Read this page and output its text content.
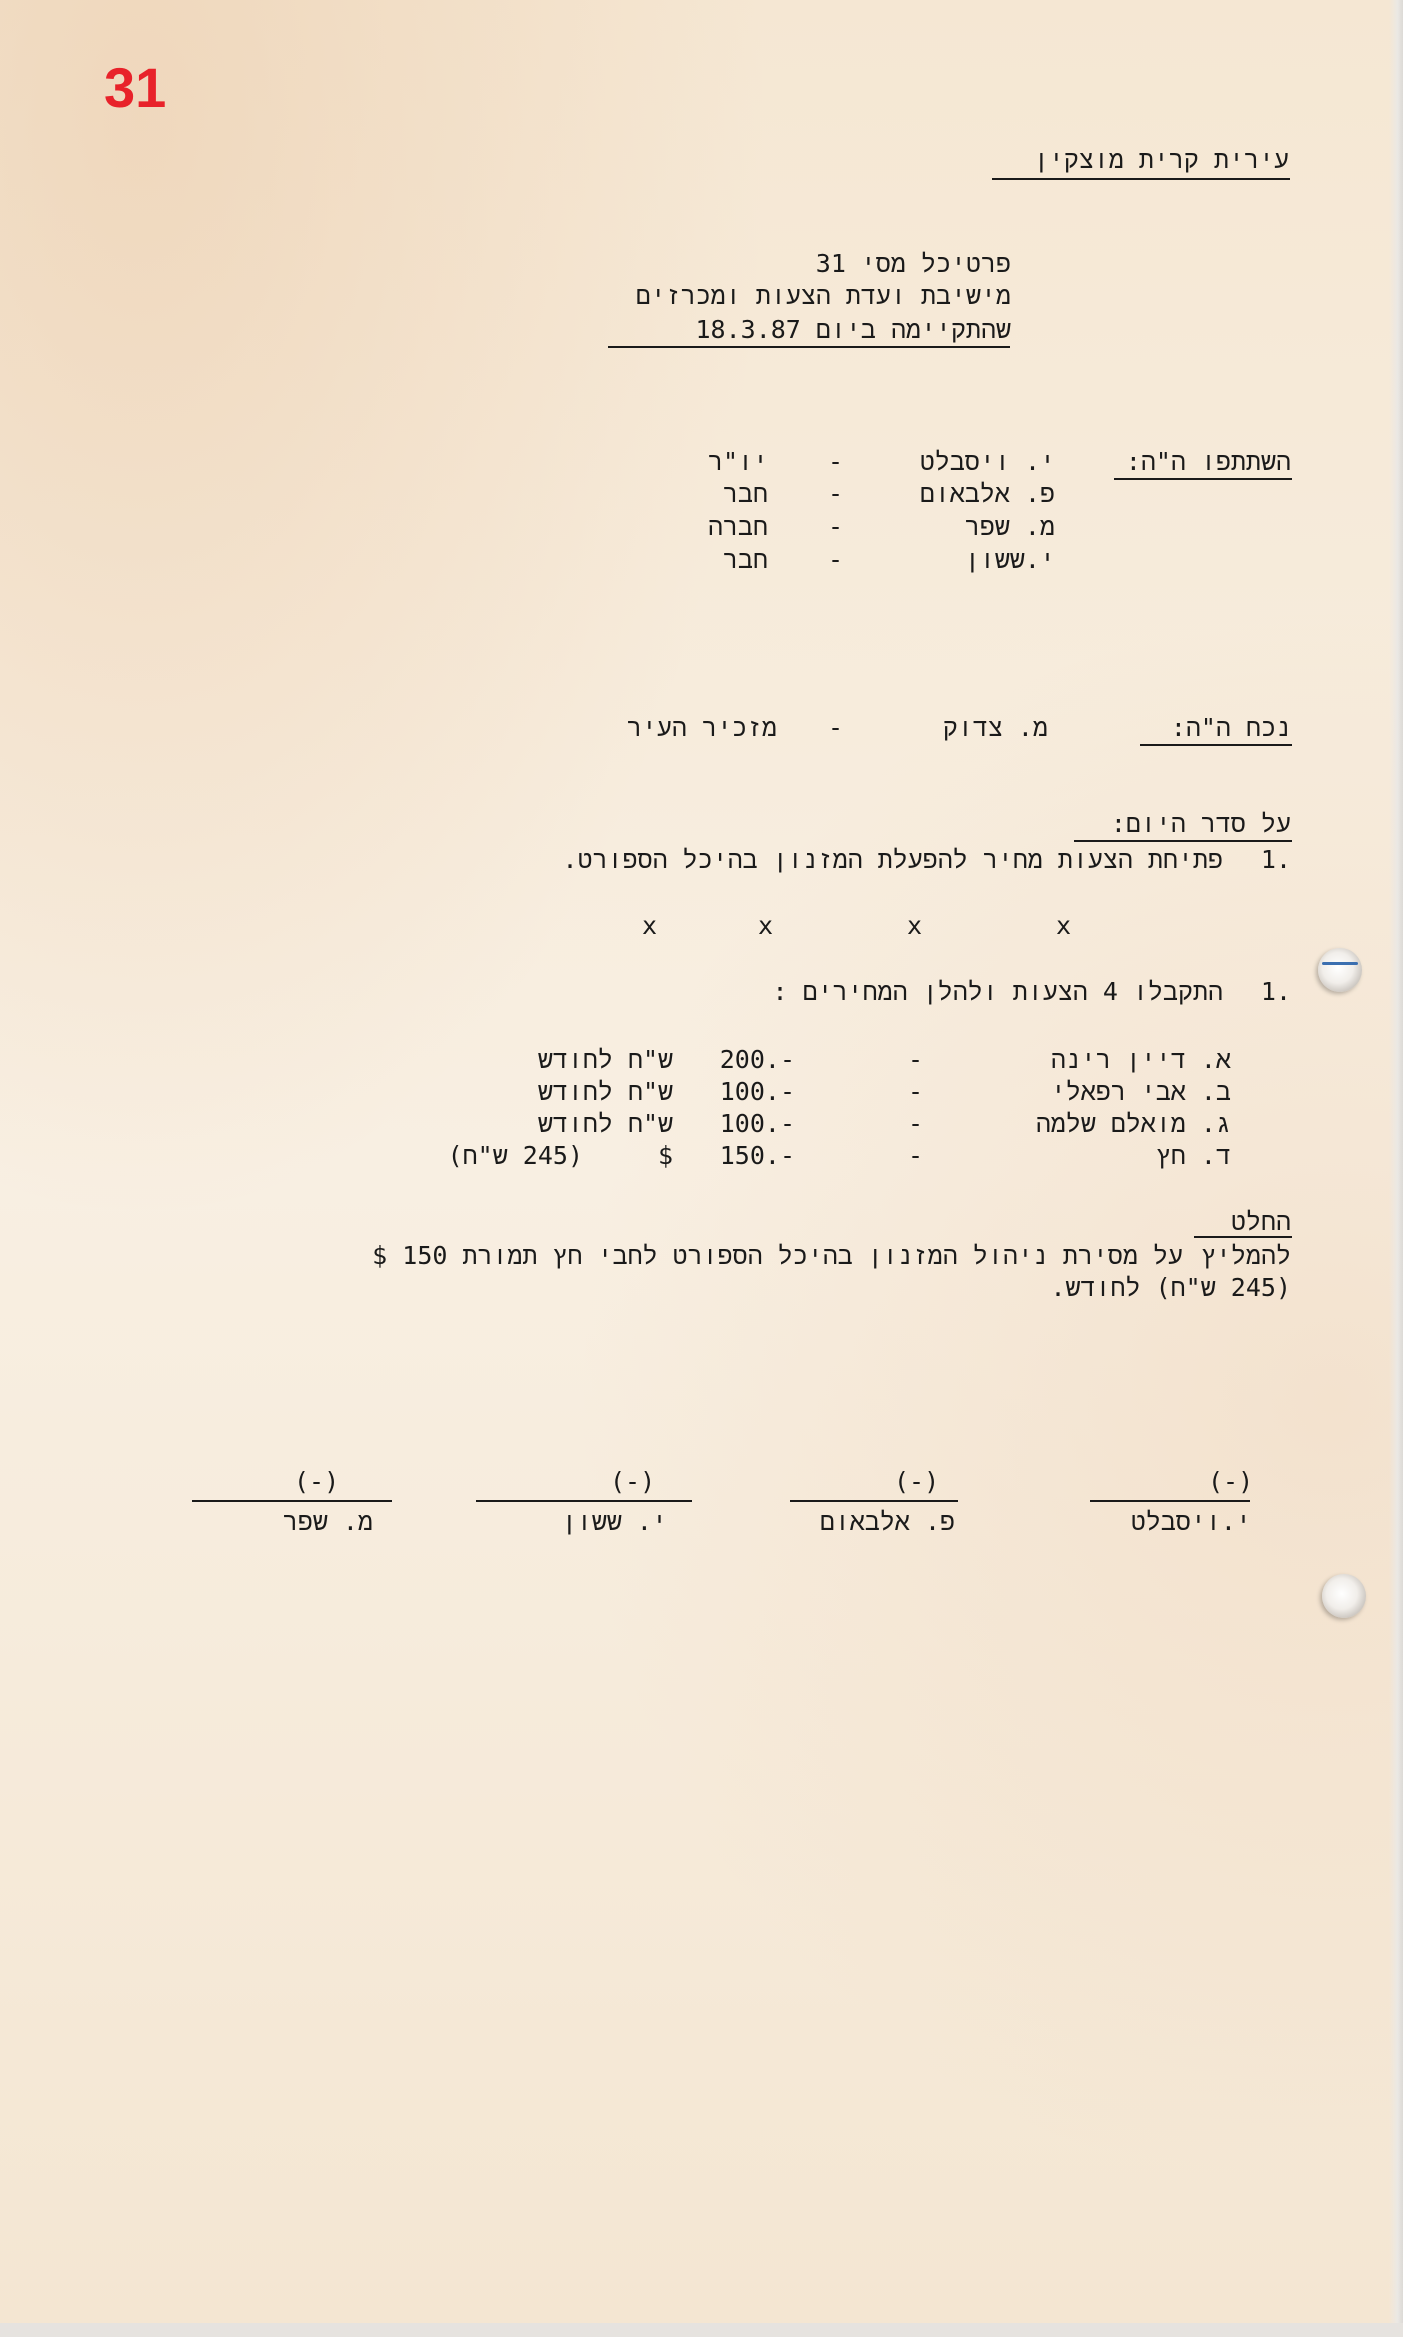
31
עירית קרית מוצקין
פרטיכל מסי 31
מישיבת ועדת הצעות ומכרזים
שהתקיימה ביום 18.3.87
השתתפו ה"ה:
י. ויסבלט
-
יו"ר
פ. אלבאום
-
חבר
מ. שפר
-
חברה
י.ששון
-
חבר
נכח ה"ה:
מ. צדוק
-
מזכיר העיר
על סדר היום:
1.
פתיחת הצעות מחיר להפעלת המזנון בהיכל הספורט.
x
x
x
x
1.
התקבלו 4 הצעות ולהלן המחירים :
א. דיין רינה
-
200.-
ש"ח לחודש
ב. אבי רפאלי
-
100.-
ש"ח לחודש
ג. מואלם שלמה
-
100.-
ש"ח לחודש
ד. חץ
-
150.-
$
(245 ש"ח)
החלט
להמליץ
על מסירת ניהול המזנון בהיכל הספורט לחבי חץ תמורת 150 $
(245 ש"ח) לחודש.
(-)
י.ויסבלט
(-)
פ. אלבאום
(-)
י. ששון
(-)
מ. שפר
